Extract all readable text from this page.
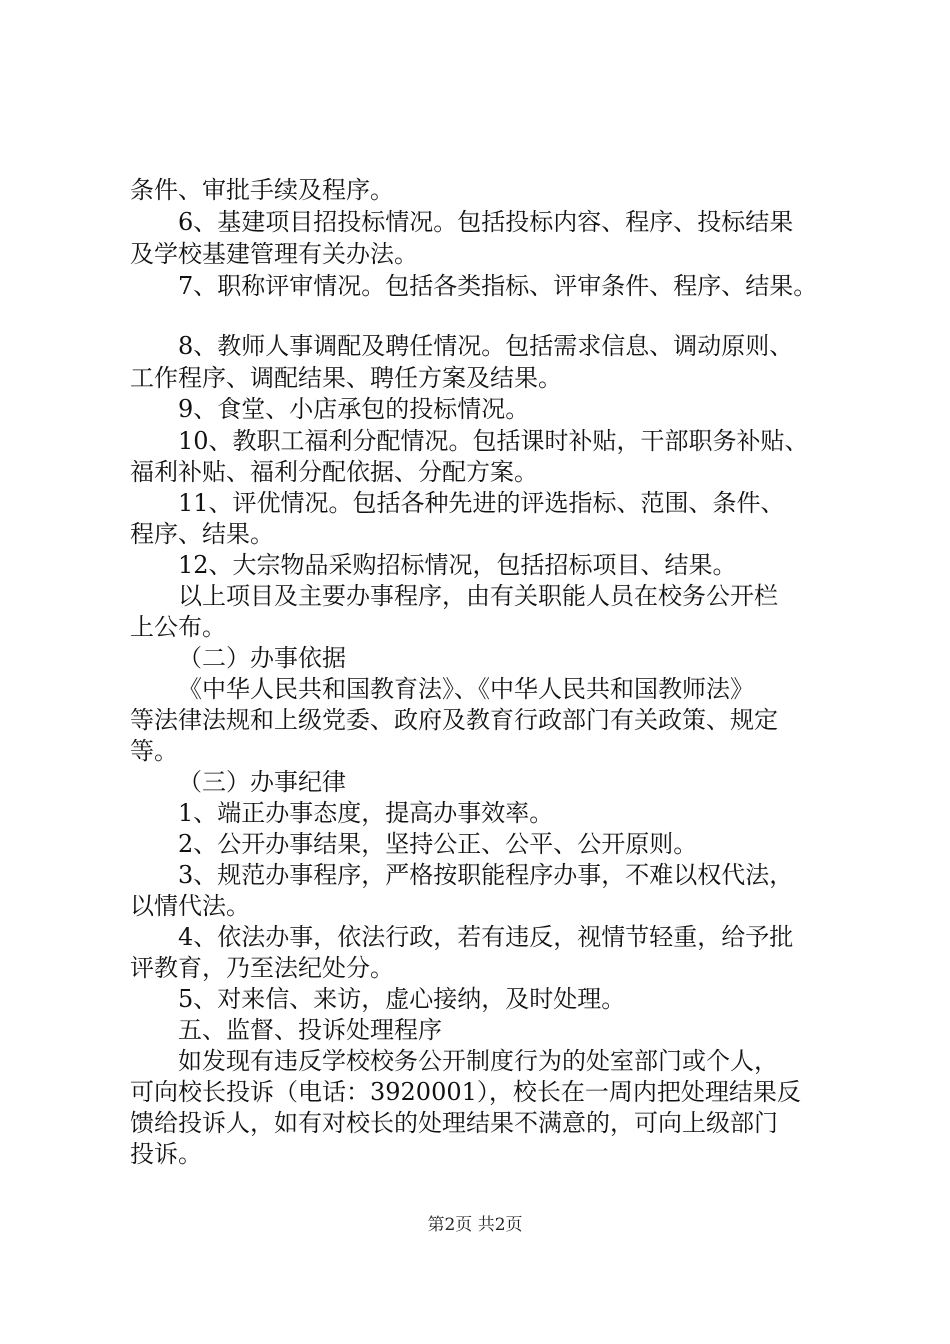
条件、审批手续及程序。
6、基建项目招投标情况。包括投标内容、程序、投标结果
及学校基建管理有关办法。
7、职称评审情况。包括各类指标、评审条件、程序、结果。
8、教师人事调配及聘任情况。包括需求信息、调动原则、
工作程序、调配结果、聘任方案及结果。
9、食堂、小店承包的投标情况。
10、教职工福利分配情况。包括课时补贴，干部职务补贴、
福利补贴、福利分配依据、分配方案。
11、评优情况。包括各种先进的评选指标、范围、条件、
程序、结果。
12、大宗物品采购招标情况，包括招标项目、结果。
以上项目及主要办事程序，由有关职能人员在校务公开栏
上公布。
（二）办事依据
《中华人民共和国教育法》、《中华人民共和国教师法》
等法律法规和上级党委、政府及教育行政部门有关政策、规定
等。
（三）办事纪律
1、端正办事态度，提高办事效率。
2、公开办事结果，坚持公正、公平、公开原则。
3、规范办事程序，严格按职能程序办事，不难以权代法，
以情代法。
4、依法办事，依法行政，若有违反，视情节轻重，给予批
评教育，乃至法纪处分。
5、对来信、来访，虚心接纳，及时处理。
五、监督、投诉处理程序
如发现有违反学校校务公开制度行为的处室部门或个人，
可向校长投诉（电话：3920001），校长在一周内把处理结果反
馈给投诉人，如有对校长的处理结果不满意的，可向上级部门
投诉。
第2页 共2页
